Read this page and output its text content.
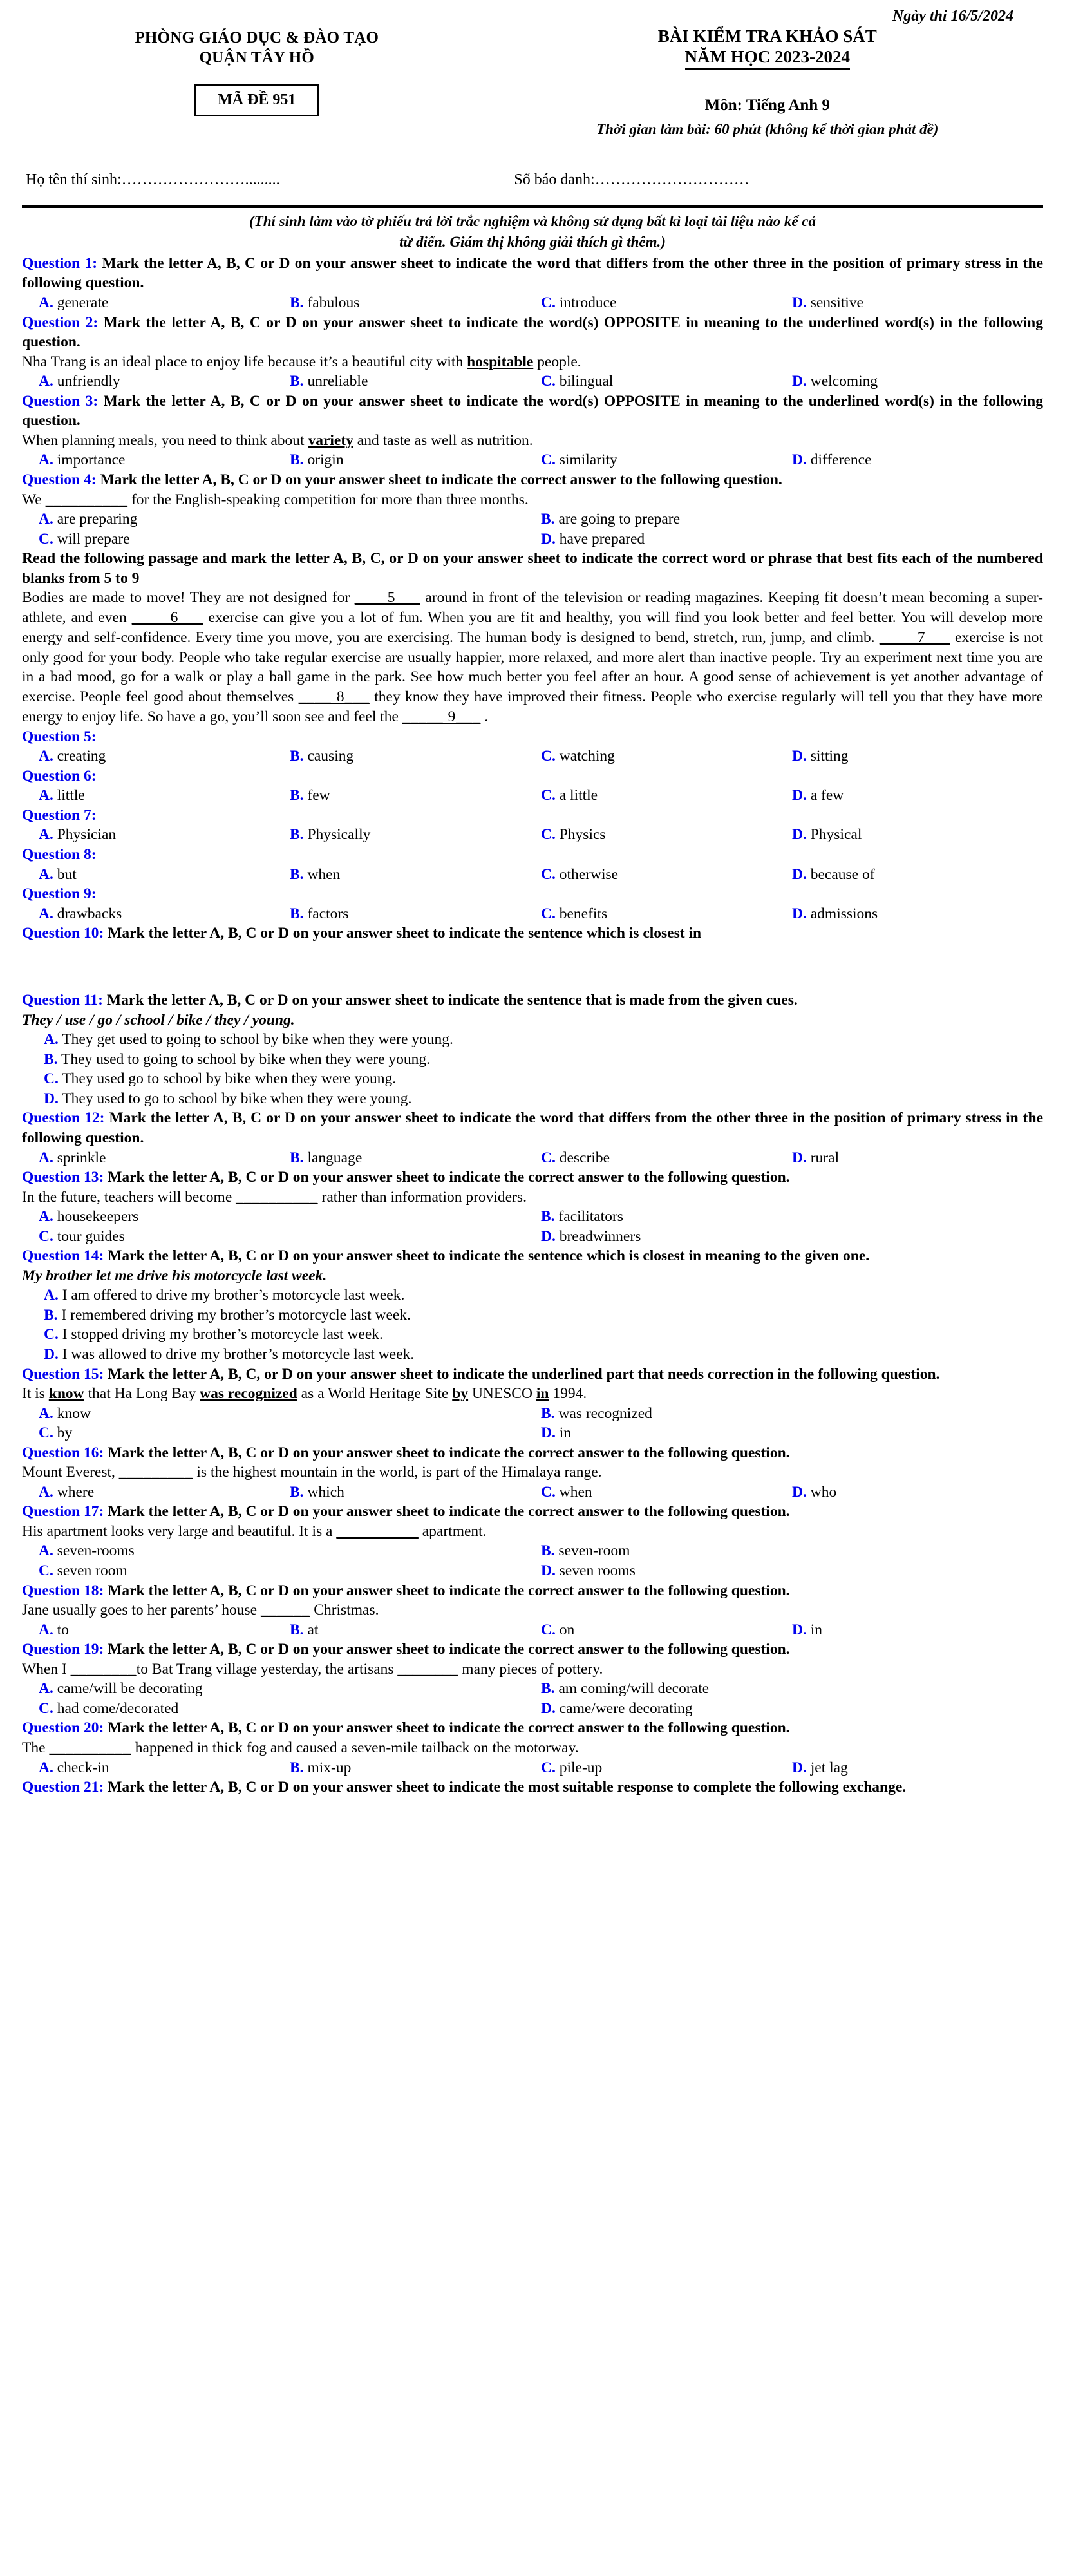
PHÒNG GIÁO DỤC & ĐÀO TẠO
QUẬN TÂY HỒ
MÃ ĐỀ 951
Ngày thi 16/5/2024
BÀI KIỂM TRA KHẢO SÁT
NĂM HỌC 2023-2024
Môn: Tiếng Anh 9
Thời gian làm bài: 60 phút (không kể thời gian phát đề)
Họ tên thí sinh:…………………….........	Số báo danh:…………………………
(Thí sinh làm vào tờ phiếu trả lời trắc nghiệm và không sử dụng bất kì loại tài liệu nào kể cả
từ điển. Giám thị không giải thích gì thêm.)
Question 1: Mark the letter A, B, C or D on your answer sheet to indicate the word that differs from the other three in the position of primary stress in the following question.
A. generate	B. fabulous	C. introduce	D. sensitive
Question 2: Mark the letter A, B, C or D on your answer sheet to indicate the word(s) OPPOSITE in meaning to the underlined word(s) in the following question.
Nha Trang is an ideal place to enjoy life because it’s a beautiful city with hospitable people.
A. unfriendly	B. unreliable	C. bilingual	D. welcoming
Question 3: Mark the letter A, B, C or D on your answer sheet to indicate the word(s) OPPOSITE in meaning to the underlined word(s) in the following question.
When planning meals, you need to think about variety and taste as well as nutrition.
A. importance	B. origin	C. similarity	D. difference
Question 4: Mark the letter A, B, C or D on your answer sheet to indicate the correct answer to the following question.
We __________ for the English-speaking competition for more than three months.
A. are preparing	B. are going to prepare
C. will prepare	D. have prepared
Read the following passage and mark the letter A, B, C, or D on your answer sheet to indicate the correct word or phrase that best fits each of the numbered blanks from 5 to 9
Bodies are made to move! They are not designed for ____5___ around in front of the television or reading magazines. Keeping fit doesn’t mean becoming a super-athlete, and even ____ 6___ exercise can give you a lot of fun. When you are fit and healthy, you will find you look better and feel better. You will develop more energy and self-confidence. Every time you move, you are exercising. The human body is designed to bend, stretch, run, jump, and climb. ____ 7___ exercise is not only good for your body. People who take regular exercise are usually happier, more relaxed, and more alert than inactive people. Try an experiment next time you are in a bad mood, go for a walk or play a ball game in the park. See how much better you feel after an hour. A good sense of achievement is yet another advantage of exercise. People feel good about themselves ____ 8___ they know they have improved their fitness. People who exercise regularly will tell you that they have more energy to enjoy life. So have a go, you’ll soon see and feel the _____ 9___ .
Question 5:
A. creating	B. causing	C. watching	D. sitting
Question 6:
A. little	B. few	C. a little	D. a few
Question 7:
A. Physician	B. Physically	C. Physics	D. Physical
Question 8:
A. but	B. when	C. otherwise	D. because of
Question 9:
A. drawbacks	B. factors	C. benefits	D. admissions
Question 10: Mark the letter A, B, C or D on your answer sheet to indicate the sentence which is closest in
Question 11: Mark the letter A, B, C or D on your answer sheet to indicate the sentence that is made from the given cues.
They / use / go / school / bike / they / young.
A. They get used to going to school by bike when they were young.
B. They used to going to school by bike when they were young.
C. They used go to school by bike when they were young.
D. They used to go to school by bike when they were young.
Question 12: Mark the letter A, B, C or D on your answer sheet to indicate the word that differs from the other three in the position of primary stress in the following question.
A. sprinkle	B. language	C. describe	D. rural
Question 13: Mark the letter A, B, C or D on your answer sheet to indicate the correct answer to the following question.
In the future, teachers will become __________ rather than information providers.
A. housekeepers	B. facilitators
C. tour guides	D. breadwinners
Question 14: Mark the letter A, B, C or D on your answer sheet to indicate the sentence which is closest in meaning to the given one.
My brother let me drive his motorcycle last week.
A. I am offered to drive my brother’s motorcycle last week.
B. I remembered driving my brother’s motorcycle last week.
C. I stopped driving my brother’s motorcycle last week.
D. I was allowed to drive my brother’s motorcycle last week.
Question 15: Mark the letter A, B, C, or D on your answer sheet to indicate the underlined part that needs correction in the following question.
It is know that Ha Long Bay was recognized as a World Heritage Site by UNESCO in 1994.
A. know	B. was recognized
C. by	D. in
Question 16: Mark the letter A, B, C or D on your answer sheet to indicate the correct answer to the following question.
Mount Everest, _________ is the highest mountain in the world, is part of the Himalaya range.
A. where	B. which	C. when	D. who
Question 17: Mark the letter A, B, C or D on your answer sheet to indicate the correct answer to the following question.
His apartment looks very large and beautiful. It is a __________ apartment.
A. seven-rooms	B. seven-room
C. seven room	D. seven rooms
Question 18: Mark the letter A, B, C or D on your answer sheet to indicate the correct answer to the following question.
Jane usually goes to her parents’ house ______ Christmas.
A. to	B. at	C. on	D. in
Question 19: Mark the letter A, B, C or D on your answer sheet to indicate the correct answer to the following question.
When I ________to Bat Trang village yesterday, the artisans ________ many pieces of pottery.
A. came/will be decorating	B. am coming/will decorate
C. had come/decorated	D. came/were decorating
Question 20: Mark the letter A, B, C or D on your answer sheet to indicate the correct answer to the following question.
The __________ happened in thick fog and caused a seven-mile tailback on the motorway.
A. check-in	B. mix-up	C. pile-up	D. jet lag
Question 21: Mark the letter A, B, C or D on your answer sheet to indicate the most suitable response to complete the following exchange.
